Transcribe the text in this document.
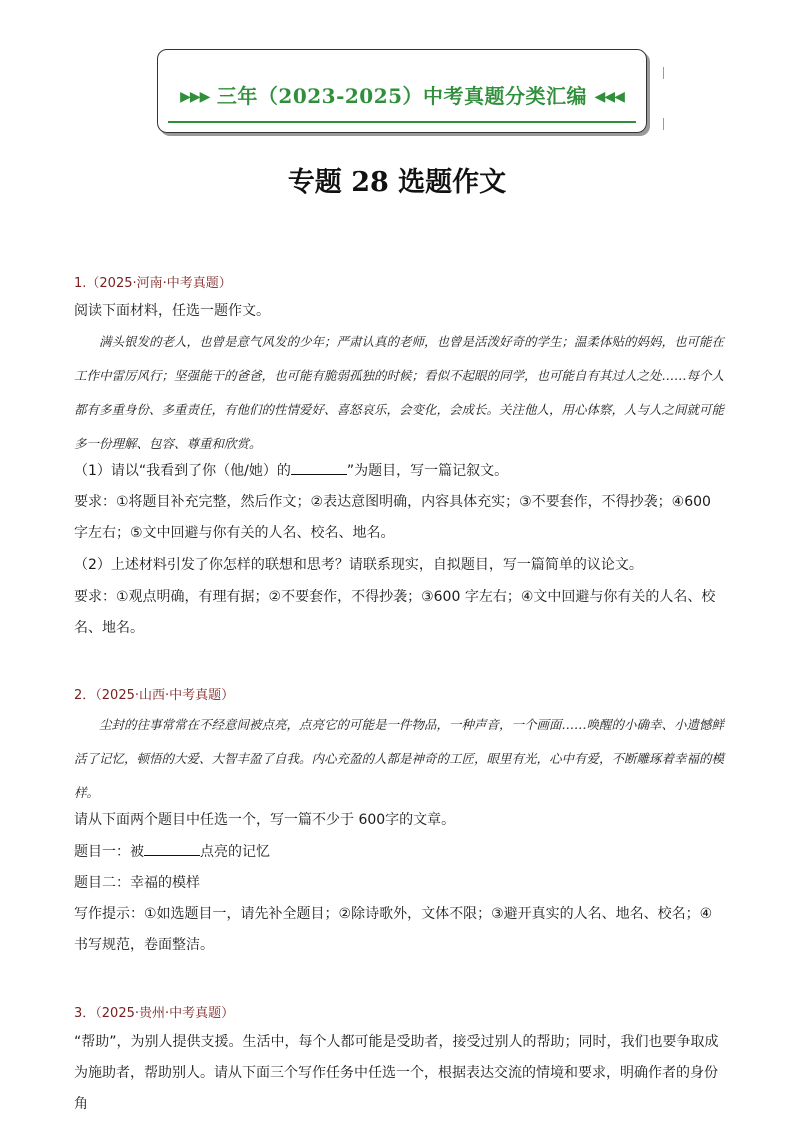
▶▶▶ 三年（2023-2025）中考真题分类汇编 ◀◀◀
专题 28 选题作文
1.（2025·河南·中考真题）
阅读下面材料，任选一题作文。
满头银发的老人，也曾是意气风发的少年；严肃认真的老师，也曾是活泼好奇的学生；温柔体贴的妈妈，也可能在工作中雷厉风行；坚强能干的爸爸，也可能有脆弱孤独的时候；看似不起眼的同学，也可能自有其过人之处……每个人都有多重身份、多重责任，有他们的性情爱好、喜怒哀乐，会变化，会成长。关注他人，用心体察，人与人之间就可能多一份理解、包容、尊重和欣赏。
（1）请以“我看到了你（他/她）的	”为题目，写一篇记叙文。
要求：①将题目补充完整，然后作文；②表达意图明确，内容具体充实；③不要套作，不得抄袭；④600字左右；⑤文中回避与你有关的人名、校名、地名。
（2）上述材料引发了你怎样的联想和思考？请联系现实，自拟题目，写一篇简单的议论文。
要求：①观点明确，有理有据；②不要套作，不得抄袭；③600 字左右；④文中回避与你有关的人名、校名、地名。
2．（2025·山西·中考真题）
尘封的往事常常在不经意间被点亮，点亮它的可能是一件物品，一种声音，一个画面……唤醒的小确幸、小遗憾鲜活了记忆，顿悟的大爱、大智丰盈了自我。内心充盈的人都是神奇的工匠，眼里有光，心中有爱，不断雕琢着幸福的模样。
请从下面两个题目中任选一个，写一篇不少于 600字的文章。
题目一：被	点亮的记忆
题目二：幸福的模样
写作提示：①如选题目一，请先补全题目；②除诗歌外，文体不限；③避开真实的人名、地名、校名；④书写规范，卷面整洁。
3．（2025·贵州·中考真题）
“帮助”，为别人提供支援。生活中，每个人都可能是受助者，接受过别人的帮助；同时，我们也要争取成为施助者，帮助别人。请从下面三个写作任务中任选一个，根据表达交流的情境和要求，明确作者的身份角
